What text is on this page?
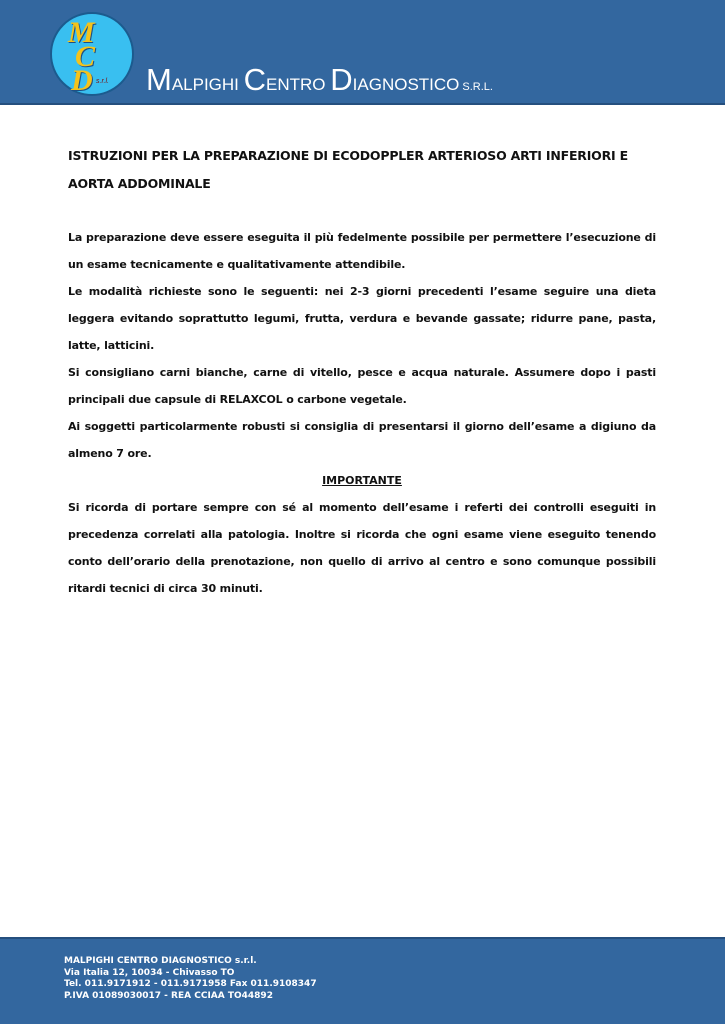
M
C
D s.r.l. MALPIGHI CENTRO DIAGNOSTICO S.R.L.
ISTRUZIONI PER LA PREPARAZIONE DI ECODOPPLER ARTERIOSO ARTI INFERIORI E AORTA ADDOMINALE

La preparazione deve essere eseguita il più fedelmente possibile per permettere l’esecuzione di un esame tecnicamente e qualitativamente attendibile.

Le modalità richieste sono le seguenti: nei 2-3 giorni precedenti l’esame seguire una dieta leggera evitando soprattutto legumi, frutta, verdura e bevande gassate; ridurre pane, pasta, latte, latticini.

Si consigliano carni bianche, carne di vitello, pesce e acqua naturale. Assumere dopo i pasti principali due capsule di RELAXCOL o carbone vegetale.

Ai soggetti particolarmente robusti si consiglia di presentarsi il giorno dell’esame a digiuno da almeno 7 ore.

IMPORTANTE

Si ricorda di portare sempre con sé al momento dell’esame i referti dei controlli eseguiti in precedenza correlati alla patologia. Inoltre si ricorda che ogni esame viene eseguito tenendo conto dell’orario della prenotazione, non quello di arrivo al centro e sono comunque possibili ritardi tecnici di circa 30 minuti.

MALPIGHI CENTRO DIAGNOSTICO s.r.l.
Via Italia 12, 10034 - Chivasso TO
Tel. 011.9171912 - 011.9171958 Fax 011.9108347
P.IVA 01089030017 - REA CCIAA TO44892
